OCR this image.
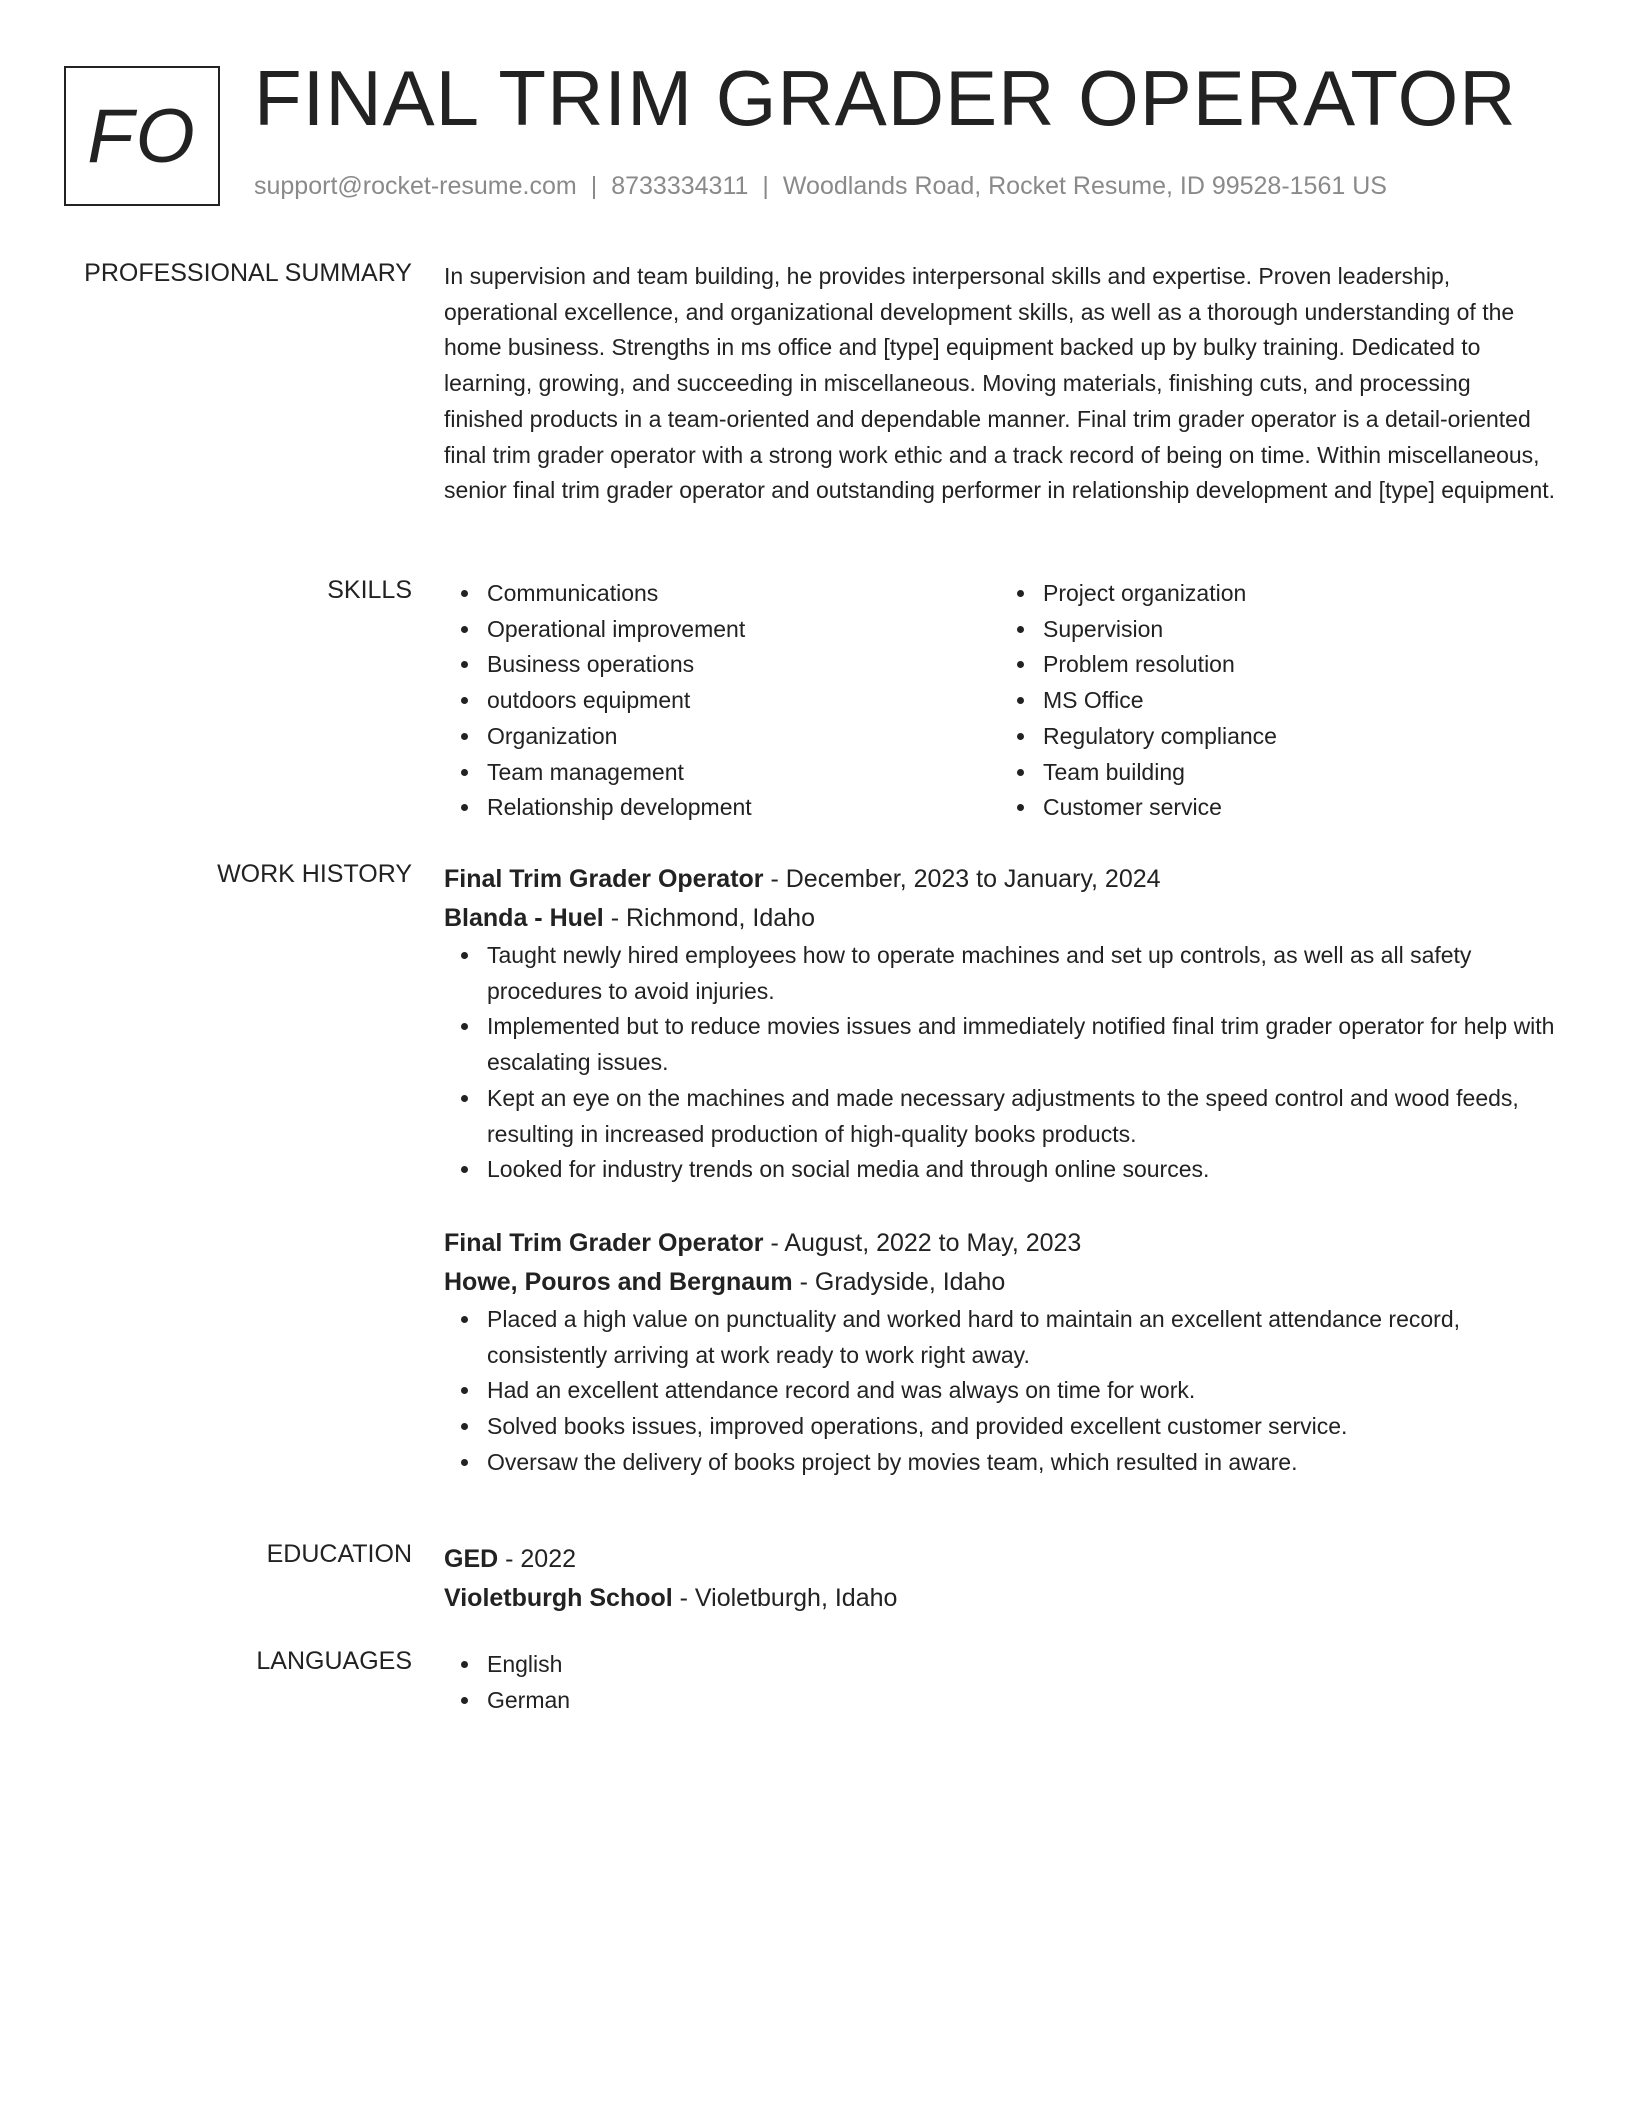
FO FINAL TRIM GRADER OPERATOR
support@rocket-resume.com | 8733334311 | Woodlands Road, Rocket Resume, ID 99528-1561 US
PROFESSIONAL SUMMARY In supervision and team building, he provides interpersonal skills and expertise. Proven leadership, operational excellence, and organizational development skills, as well as a thorough understanding of the home business. Strengths in ms office and [type] equipment backed up by bulky training. Dedicated to learning, growing, and succeeding in miscellaneous. Moving materials, finishing cuts, and processing finished products in a team-oriented and dependable manner. Final trim grader operator is a detail-oriented final trim grader operator with a strong work ethic and a track record of being on time. Within miscellaneous, senior final trim grader operator and outstanding performer in relationship development and [type] equipment.

SKILLS	Communications
Operational improvement
Business operations
outdoors equipment
Organization
Team management
Relationship development
Project organization
Supervision
Problem resolution
MS Office
Regulatory compliance
Team building
Customer service
WORK HISTORY Final Trim Grader Operator - December, 2023 to January, 2024
Blanda - Huel - Richmond, Idaho
Taught newly hired employees how to operate machines and set up controls, as well as all safety procedures to avoid injuries.
Implemented but to reduce movies issues and immediately notified final trim grader operator for help with escalating issues.
Kept an eye on the machines and made necessary adjustments to the speed control and wood feeds, resulting in increased production of high-quality books products.
Looked for industry trends on social media and through online sources.
Final Trim Grader Operator - August, 2022 to May, 2023
Howe, Pouros and Bergnaum - Gradyside, Idaho
Placed a high value on punctuality and worked hard to maintain an excellent attendance record, consistently arriving at work ready to work right away.
Had an excellent attendance record and was always on time for work.
Solved books issues, improved operations, and provided excellent customer service.
Oversaw the delivery of books project by movies team, which resulted in aware.
EDUCATION GED - 2022
Violetburgh School - Violetburgh, Idaho
LANGUAGES	English
German
